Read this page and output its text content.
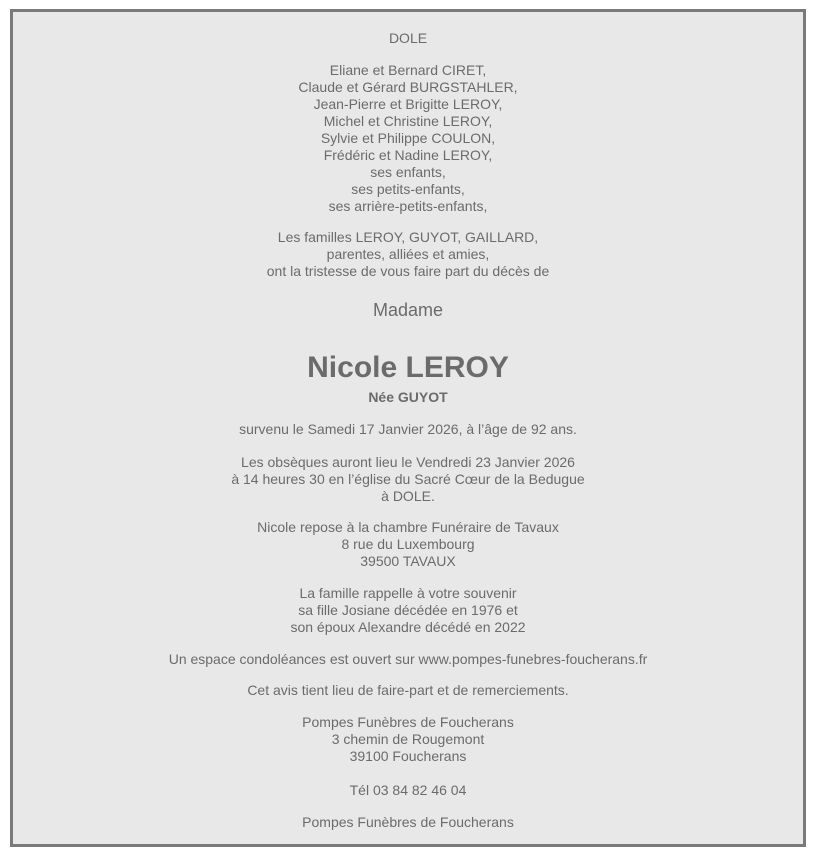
DOLE
Eliane et Bernard CIRET,
Claude et Gérard BURGSTAHLER,
Jean-Pierre et Brigitte LEROY,
Michel et Christine LEROY,
Sylvie et Philippe COULON,
Frédéric et Nadine LEROY,
ses enfants,
ses petits-enfants,
ses arrière-petits-enfants,
Les familles LEROY, GUYOT, GAILLARD,
parentes, alliées et amies,
ont la tristesse de vous faire part du décès de
Madame
Nicole LEROY
Née GUYOT
survenu le Samedi 17 Janvier 2026, à l’âge de 92 ans.
Les obsèques auront lieu le Vendredi 23 Janvier 2026
à 14 heures 30 en l’église du Sacré Cœur de la Bedugue
à DOLE.
Nicole repose à la chambre Funéraire de Tavaux
8 rue du Luxembourg
39500 TAVAUX
La famille rappelle à votre souvenir
sa fille Josiane décédée en 1976 et
son époux Alexandre décédé en 2022
Un espace condoléances est ouvert sur www.pompes-funebres-foucherans.fr
Cet avis tient lieu de faire-part et de remerciements.
Pompes Funèbres de Foucherans
3 chemin de Rougemont
39100 Foucherans
Tél 03 84 82 46 04
Pompes Funèbres de Foucherans
